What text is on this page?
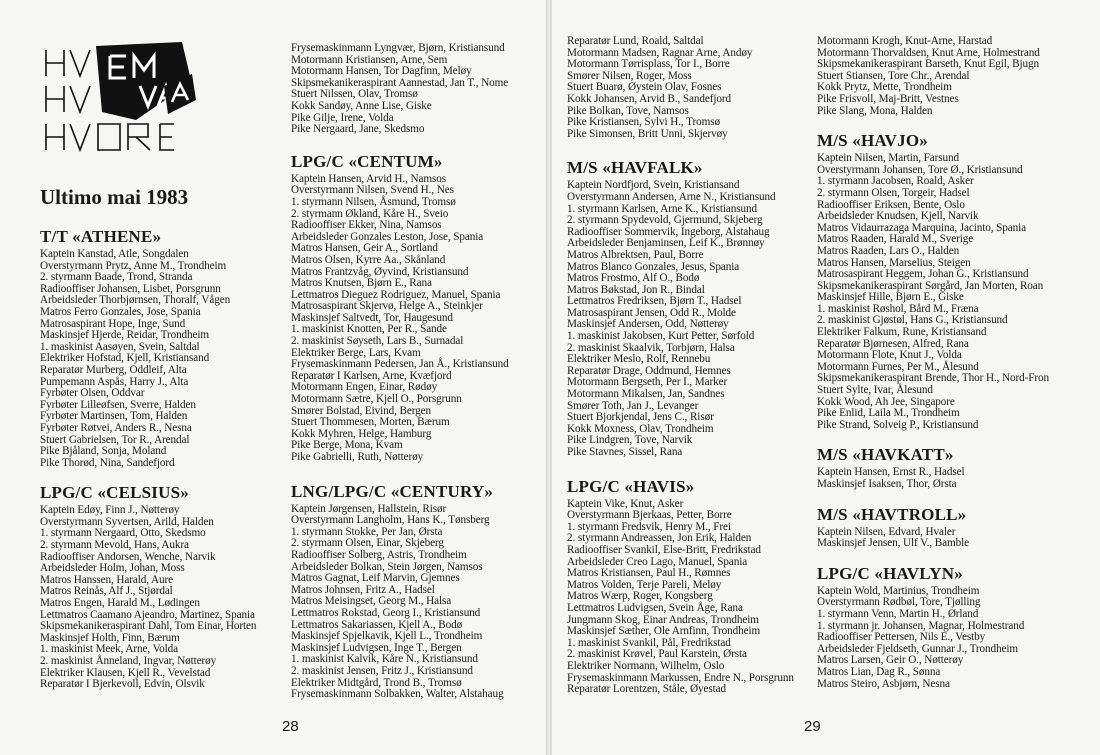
Ultimo mai 1983
T/T «ATHENE»
Kaptein Kanstad, Atle, Songdalen
Overstyrmann Prytz, Anne M., Trondheim
2. styrmann Baade, Trond, Stranda
Radiooffiser Johansen, Lisbet, Porsgrunn
Arbeidsleder Thorbjørnsen, Thoralf, Vågen
Matros Ferro Gonzales, Jose, Spania
Matrosaspirant Hope, Inge, Sund
Maskinsjef Hjerde, Reidar, Trondheim
1. maskinist Aasøyen, Svein, Saltdal
Elektriker Hofstad, Kjell, Kristiansand
Reparatør Murberg, Oddleif, Alta
Pumpemann Aspås, Harry J., Alta
Fyrbøter Olsen, Oddvar
Fyrbøter Lilleøfsen, Sverre, Halden
Fyrbøter Martinsen, Tom, Halden
Fyrbøter Røtvei, Anders R., Nesna
Stuert Gabrielsen, Tor R., Arendal
Pike Bjåland, Sonja, Moland
Pike Thorød, Nina, Sandefjord
LPG/C «CELSIUS»
Kaptein Edøy, Finn J., Nøtterøy
Overstyrmann Syvertsen, Arild, Halden
1. styrmann Nergaard, Otto, Skedsmo
2. styrmann Mevold, Hans, Aukra
Radiooffiser Andorsen, Wenche, Narvik
Arbeidsleder Holm, Johan, Moss
Matros Hanssen, Harald, Aure
Matros Reinås, Alf J., Stjørdal
Matros Engen, Harald M., Lødingen
Lettmatros Caamano Ajeandro, Martinez, Spania
Skipsmekanikeraspirant Dahl, Tom Einar, Horten
Maskinsjef Holth, Finn, Bærum
1. maskinist Meek, Arne, Volda
2. maskinist Ånneland, Ingvar, Nøtterøy
Elektriker Klausen, Kjell R., Vevelstad
Reparatør I Bjerkevoll, Edvin, Olsvik
Frysemaskinmann Lyngvær, Bjørn, Kristiansund
Motormann Kristiansen, Arne, Sem
Motormann Hansen, Tor Dagfinn, Meløy
Skipsmekanikeraspirant Aannestad, Jan T., Nome
Stuert Nilssen, Olav, Tromsø
Kokk Sandøy, Anne Lise, Giske
Pike Gilje, Irene, Volda
Pike Nergaard, Jane, Skedsmo
LPG/C «CENTUM»
Kaptein Hansen, Arvid H., Namsos
Overstyrmann Nilsen, Svend H., Nes
1. styrmann Nilsen, Åsmund, Tromsø
2. styrmann Økland, Kåre H., Sveio
Radiooffiser Ekker, Nina, Namsos
Arbeidsleder Gonzales Leston, Jose, Spania
Matros Hansen, Geir A., Sortland
Matros Olsen, Kyrre Aa., Skånland
Matros Frantzvåg, Øyvind, Kristiansund
Matros Knutsen, Bjørn E., Rana
Lettmatros Dieguez Rodriguez, Manuel, Spania
Matrosaspirant Skjervø, Helge A., Steinkjer
Maskinsjef Saltvedt, Tor, Haugesund
1. maskinist Knotten, Per R., Sande
2. maskinist Søyseth, Lars B., Surnadal
Elektriker Berge, Lars, Kvam
Frysemaskinmann Pedersen, Jan Å., Kristiansund
Reparatør I Karlsen, Arne, Kvæfjord
Motormann Engen, Einar, Rødøy
Motormann Sætre, Kjell O., Porsgrunn
Smører Bolstad, Eivind, Bergen
Stuert Thommesen, Morten, Bærum
Kokk Myhren, Helge, Hamburg
Pike Berge, Mona, Kvam
Pike Gabrielli, Ruth, Nøtterøy
LNG/LPG/C «CENTURY»
Kaptein Jørgensen, Hallstein, Risør
Overstyrmann Langholm, Hans K., Tønsberg
1. styrmann Stokke, Per Jan, Ørsta
2. styrmann Olsen, Einar, Skjeberg
Radiooffiser Solberg, Astris, Trondheim
Arbeidsleder Bolkan, Stein Jørgen, Namsos
Matros Gagnat, Leif Marvin, Gjemnes
Matros Johnsen, Fritz A., Hadsel
Matros Meisingset, Georg M., Halsa
Lettmatros Rokstad, Georg I., Kristiansund
Lettmatros Sakariassen, Kjell A., Bodø
Maskinsjef Spjelkavik, Kjell L., Trondheim
Maskinsjef Ludvigsen, Inge T., Bergen
1. maskinist Kalvik, Kåre N., Kristiansund
2. maskinist Jensen, Fritz J., Kristiansund
Elektriker Midtgård, Trond B., Tromsø
Frysemaskinmann Solbakken, Walter, Alstahaug
28
Reparatør Lund, Roald, Saltdal
Motormann Madsen, Ragnar Arne, Andøy
Motormann Tørrisplass, Tor I., Borre
Smører Nilsen, Roger, Moss
Stuert Buarø, Øystein Olav, Fosnes
Kokk Johansen, Arvid B., Sandefjord
Pike Bolkan, Tove, Namsos
Pike Kristiansen, Sylvi H., Tromsø
Pike Simonsen, Britt Unni, Skjervøy
M/S «HAVFALK»
Kaptein Nordfjord, Svein, Kristiansand
Overstyrmann Andersen, Arne N., Kristiansund
1. styrmann Karlsen, Arne K., Kristiansund
2. styrmann Spydevold, Gjermund, Skjeberg
Radiooffiser Sommervik, Ingeborg, Alstahaug
Arbeidsleder Benjaminsen, Leif K., Brønnøy
Matros Albrektsen, Paul, Borre
Matros Blanco Gonzales, Jesus, Spania
Matros Frostmo, Alf O., Bodø
Matros Bøkstad, Jon R., Bindal
Lettmatros Fredriksen, Bjørn T., Hadsel
Matrosaspirant Jensen, Odd R., Molde
Maskinsjef Andersen, Odd, Nøtterøy
1. maskinist Jakobsen, Kurt Petter, Sørfold
2. maskinist Skaalvik, Torbjørn, Halsa
Elektriker Meslo, Rolf, Rennebu
Reparatør Drage, Oddmund, Hemnes
Motormann Bergseth, Per I., Marker
Motormann Mikalsen, Jan, Sandnes
Smører Toth, Jan J., Levanger
Stuert Bjorkjendal, Jens C., Risør
Kokk Moxness, Olav, Trondheim
Pike Lindgren, Tove, Narvik
Pike Stavnes, Sissel, Rana
LPG/C «HAVIS»
Kaptein Vike, Knut, Asker
Overstyrmann Bjerkaas, Petter, Borre
1. styrmann Fredsvik, Henry M., Frei
2. styrmann Andreassen, Jon Erik, Halden
Radiooffiser Svankil, Else-Britt, Fredrikstad
Arbeidsleder Creo Lago, Manuel, Spania
Matros Kristiansen, Paul H., Rømnes
Matros Volden, Terje Pareli, Meløy
Matros Wærp, Roger, Kongsberg
Lettmatros Ludvigsen, Svein Åge, Rana
Jungmann Skog, Einar Andreas, Trondheim
Maskinsjef Sæther, Ole Arnfinn, Trondheim
1. maskinist Svankil, Pål, Fredrikstad
2. maskinist Krøvel, Paul Karstein, Ørsta
Elektriker Normann, Wilhelm, Oslo
Frysemaskinmann Markussen, Endre N., Porsgrunn
Reparatør Lorentzen, Ståle, Øyestad
Motormann Krogh, Knut-Arne, Harstad
Motormann Thorvaldsen, Knut Arne, Holmestrand
Skipsmekanikeraspirant Barseth, Knut Egil, Bjugn
Stuert Stiansen, Tore Chr., Arendal
Kokk Prytz, Mette, Trondheim
Pike Frisvoll, Maj-Britt, Vestnes
Pike Slang, Mona, Halden
M/S «HAVJO»
Kaptein Nilsen, Martin, Farsund
Overstyrmann Johansen, Tore Ø., Kristiansund
1. styrmann Jacobsen, Roald, Asker
2. styrmann Olsen, Torgeir, Hadsel
Radiooffiser Eriksen, Bente, Oslo
Arbeidsleder Knudsen, Kjell, Narvik
Matros Vidaurrazaga Marquina, Jacinto, Spania
Matros Raaden, Harald M., Sverige
Matros Raaden, Lars O., Halden
Matros Hansen, Marselius, Steigen
Matrosaspirant Heggem, Johan G., Kristiansund
Skipsmekanikeraspirant Sørgård, Jan Morten, Roan
Maskinsjef Hille, Bjørn E., Giske
1. maskinist Røshol, Bård M., Fræna
2. maskinist Gjøstøl, Hans G., Kristiansund
Elektriker Falkum, Rune, Kristiansand
Reparatør Bjørnesen, Alfred, Rana
Motormann Flote, Knut J., Volda
Motormann Furnes, Per M., Ålesund
Skipsmekanikeraspirant Brende, Thor H., Nord-Fron
Stuert Sylte, Ivar, Ålesund
Kokk Wood, Ah Jee, Singapore
Pike Enlid, Laila M., Trondheim
Pike Strand, Solveig P., Kristiansund
M/S «HAVKATT»
Kaptein Hansen, Ernst R., Hadsel
Maskinsjef Isaksen, Thor, Ørsta
M/S «HAVTROLL»
Kaptein Nilsen, Edvard, Hvaler
Maskinsjef Jensen, Ulf V., Bamble
LPG/C «HAVLYN»
Kaptein Wold, Martinius, Trondheim
Overstyrmann Rødbøl, Tore, Tjølling
1. styrmann Venn, Martin H., Ørland
1. styrmann jr. Johansen, Magnar, Holmestrand
Radiooffiser Pettersen, Nils E., Vestby
Arbeidsleder Fjeldseth, Gunnar J., Trondheim
Matros Larsen, Geir O., Nøtterøy
Matros Lian, Dag R., Sønna
Matros Steiro, Asbjørn, Nesna
29
